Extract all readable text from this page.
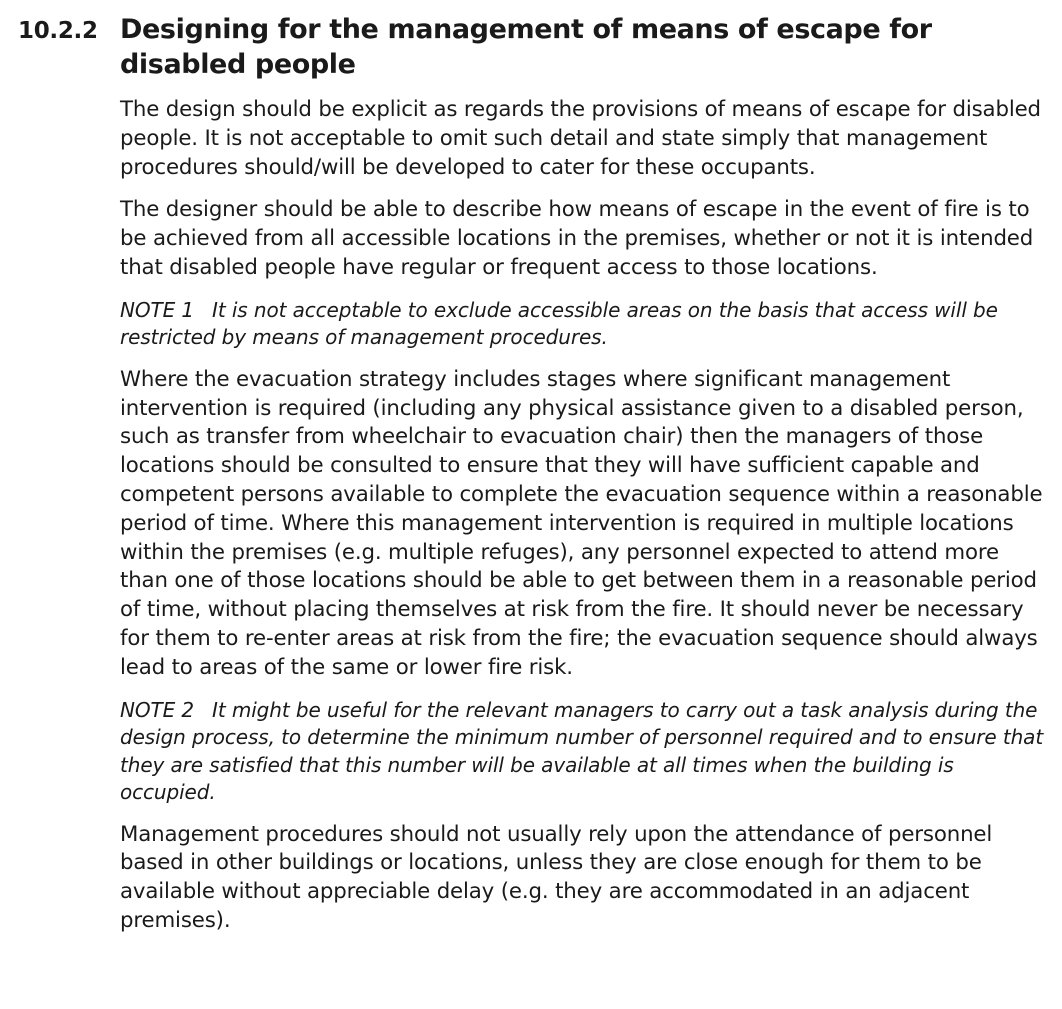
10.2.2 Designing for the management of means of escape for disabled people

The design should be explicit as regards the provisions of means of escape for disabled people. It is not acceptable to omit such detail and state simply that management procedures should/will be developed to cater for these occupants.

The designer should be able to describe how means of escape in the event of fire is to be achieved from all accessible locations in the premises, whether or not it is intended that disabled people have regular or frequent access to those locations.

NOTE 1 It is not acceptable to exclude accessible areas on the basis that access will be restricted by means of management procedures.

Where the evacuation strategy includes stages where significant management intervention is required (including any physical assistance given to a disabled person, such as transfer from wheelchair to evacuation chair) then the managers of those locations should be consulted to ensure that they will have sufficient capable and competent persons available to complete the evacuation sequence within a reasonable period of time. Where this management intervention is required in multiple locations within the premises (e.g. multiple refuges), any personnel expected to attend more than one of those locations should be able to get between them in a reasonable period of time, without placing themselves at risk from the fire. It should never be necessary for them to re-enter areas at risk from the fire; the evacuation sequence should always lead to areas of the same or lower fire risk.

NOTE 2 It might be useful for the relevant managers to carry out a task analysis during the design process, to determine the minimum number of personnel required and to ensure that they are satisfied that this number will be available at all times when the building is occupied.

Management procedures should not usually rely upon the attendance of personnel based in other buildings or locations, unless they are close enough for them to be available without appreciable delay (e.g. they are accommodated in an adjacent premises).
